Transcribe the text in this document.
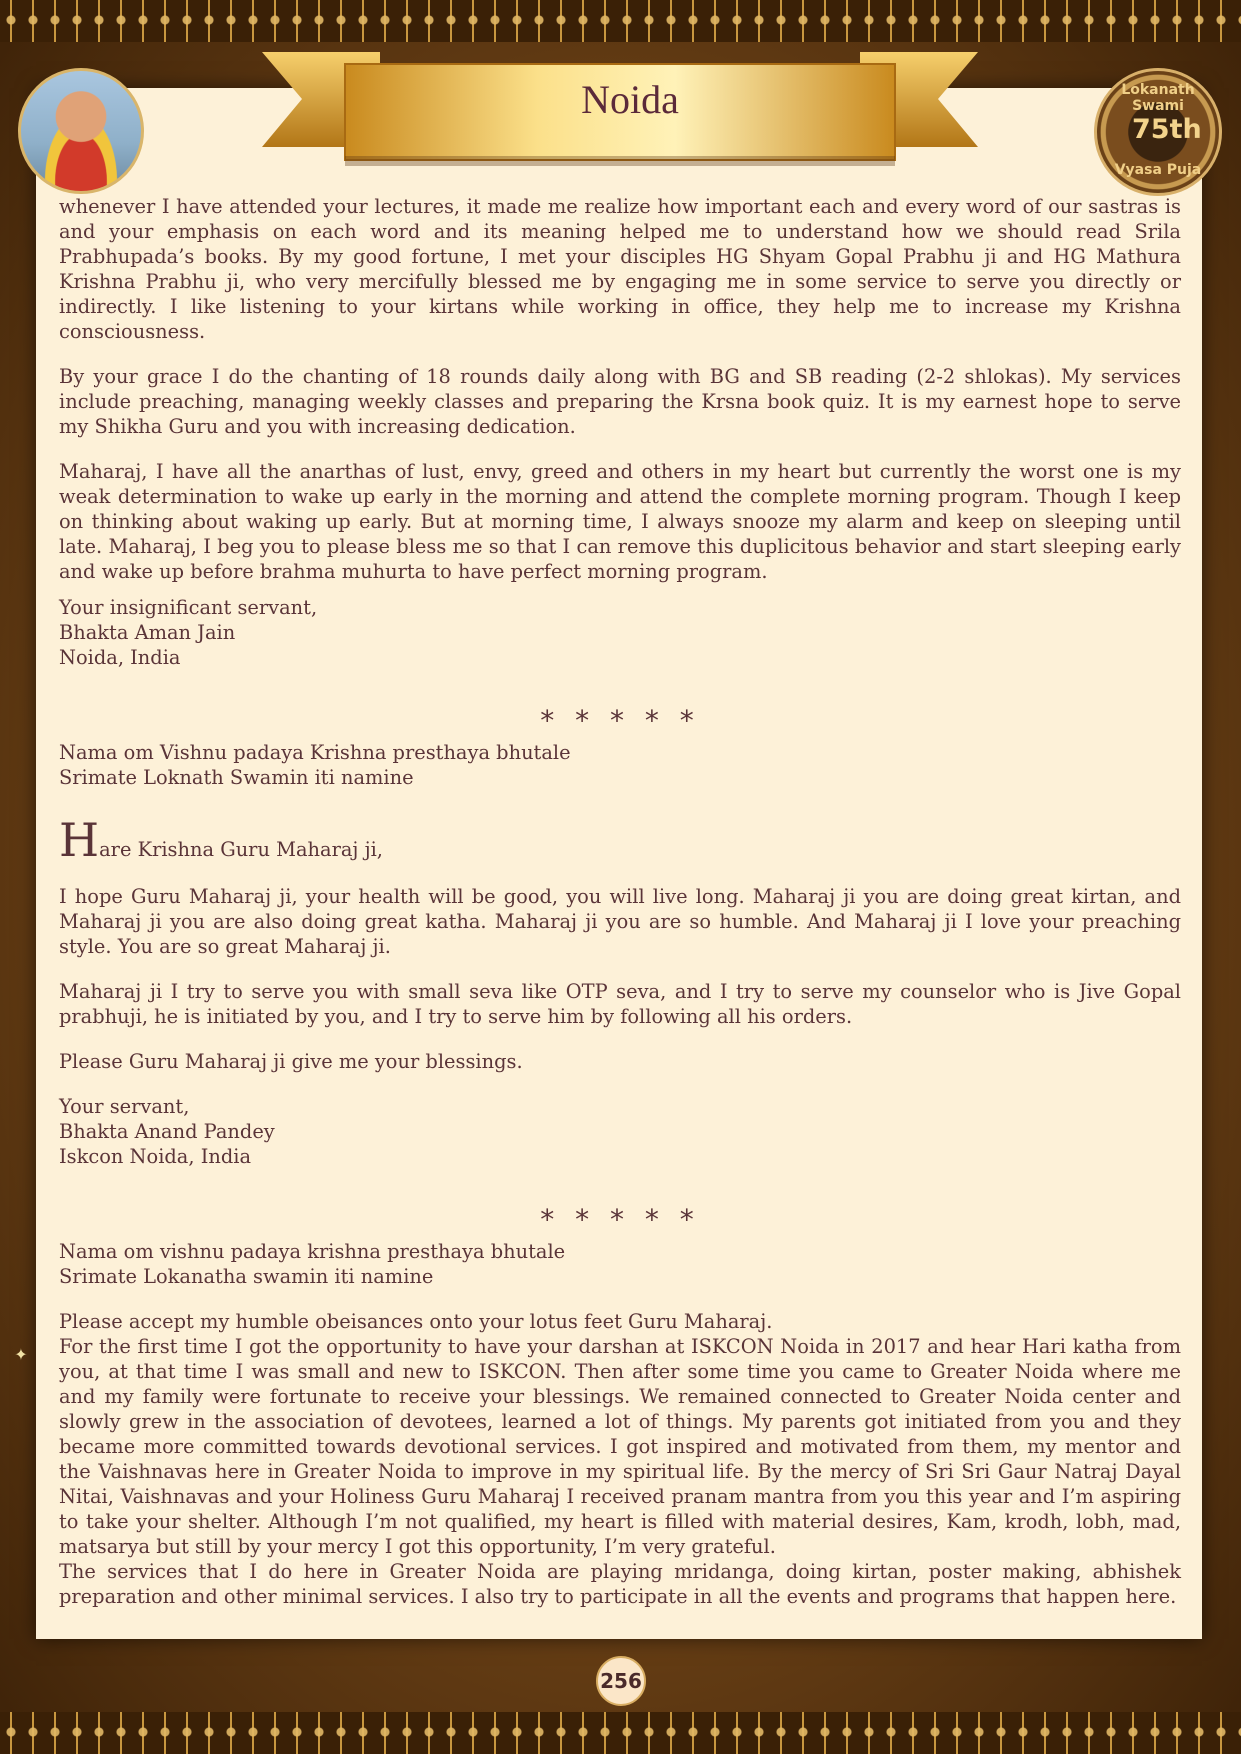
Noida	Lokanath Swami
75th
Vyasa Puja

whenever I have attended your lectures, it made me realize how important each and every word of our sastras is and your emphasis on each word and its meaning helped me to understand how we should read Srila Prabhupada’s books. By my good fortune, I met your disciples HG Shyam Gopal Prabhu ji and HG Mathura Krishna Prabhu ji, who very mercifully blessed me by engaging me in some service to serve you directly or indirectly. I like listening to your kirtans while working in office, they help me to increase my Krishna consciousness.

By your grace I do the chanting of 18 rounds daily along with BG and SB reading (2-2 shlokas). My services include preaching, managing weekly classes and preparing the Krsna book quiz. It is my earnest hope to serve my Shikha Guru and you with increasing dedication.

Maharaj, I have all the anarthas of lust, envy, greed and others in my heart but currently the worst one is my weak determination to wake up early in the morning and attend the complete morning program. Though I keep on thinking about waking up early. But at morning time, I always snooze my alarm and keep on sleeping until late. Maharaj, I beg you to please bless me so that I can remove this duplicitous behavior and start sleeping early and wake up before brahma muhurta to have perfect morning program.

Your insignificant servant,
Bhakta Aman Jain
Noida, India
* * * * *
Nama om Vishnu padaya Krishna presthaya bhutale
Srimate Loknath Swamin iti namine
Hare Krishna Guru Maharaj ji,

I hope Guru Maharaj ji, your health will be good, you will live long. Maharaj ji you are doing great kirtan, and Maharaj ji you are also doing great katha. Maharaj ji you are so humble. And Maharaj ji I love your preaching style. You are so great Maharaj ji.

Maharaj ji I try to serve you with small seva like OTP seva, and I try to serve my counselor who is Jive Gopal prabhuji, he is initiated by you, and I try to serve him by following all his orders.

Please Guru Maharaj ji give me your blessings.

Your servant,
Bhakta Anand Pandey
Iskcon Noida, India
* * * * *
Nama om vishnu padaya krishna presthaya bhutale
Srimate Lokanatha swamin iti namine

Please accept my humble obeisances onto your lotus feet Guru Maharaj.

For the first time I got the opportunity to have your darshan at ISKCON Noida in 2017 and hear Hari katha from you, at that time I was small and new to ISKCON. Then after some time you came to Greater Noida where me and my family were fortunate to receive your blessings. We remained connected to Greater Noida center and slowly grew in the association of devotees, learned a lot of things. My parents got initiated from you and they became more committed towards devotional services. I got inspired and motivated from them, my mentor and the Vaishnavas here in Greater Noida to improve in my spiritual life. By the mercy of Sri Sri Gaur Natraj Dayal Nitai, Vaishnavas and your Holiness Guru Maharaj I received pranam mantra from you this year and I’m aspiring to take your shelter. Although I’m not qualified, my heart is filled with material desires, Kam, krodh, lobh, mad, matsarya but still by your mercy I got this opportunity, I’m very grateful.

The services that I do here in Greater Noida are playing mridanga, doing kirtan, poster making, abhishek preparation and other minimal services. I also try to participate in all the events and programs that happen here.

✦
256
